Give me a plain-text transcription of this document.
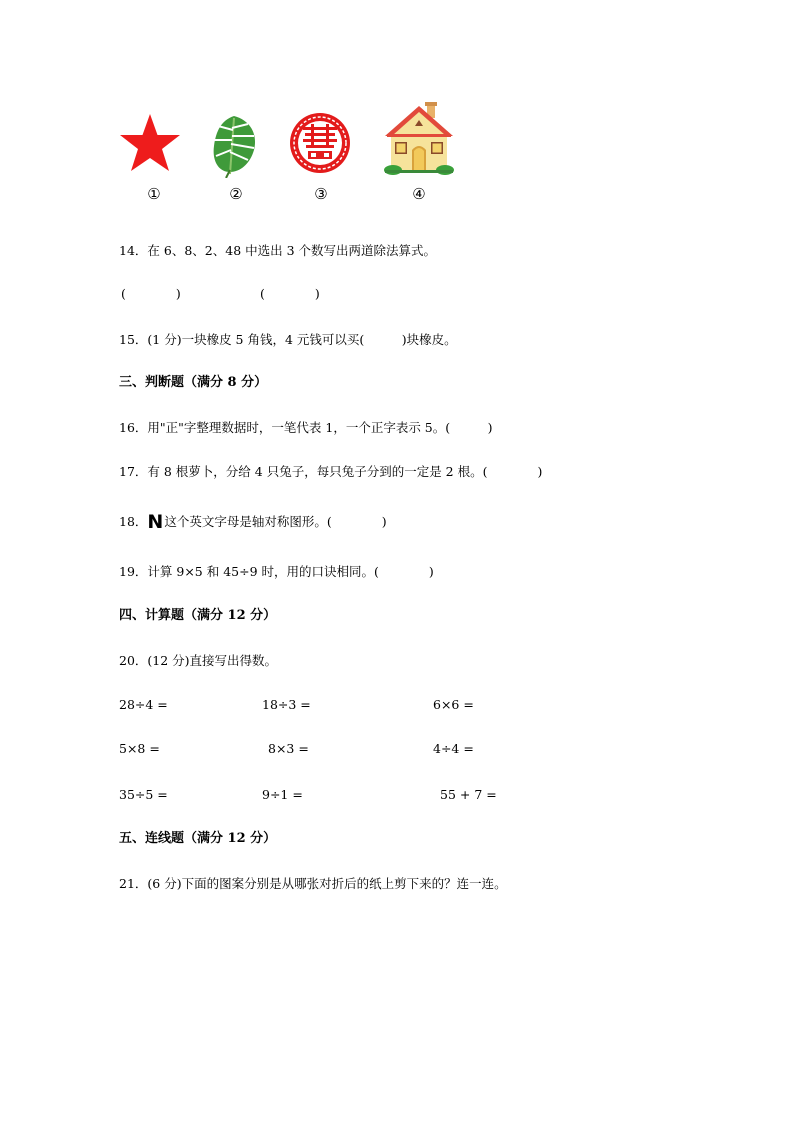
①	②	③	④
14．在 6、8、2、48 中选出 3 个数写出两道除法算式。
(　　　　)	(　　　　)
15．(1 分)一块橡皮 5 角钱，4 元钱可以买(　　　)块橡皮。
三、判断题（满分 8 分）
16．用"正"字整理数据时，一笔代表 1，一个正字表示 5。(　　　)
17．有 8 根萝卜，分给 4 只兔子，每只兔子分到的一定是 2 根。(　　　　)
18．N这个英文字母是轴对称图形。(　　　　)
19．计算 9×5 和 45÷9 时，用的口诀相同。(　　　　)
四、计算题（满分 12 分）
20．(12 分)直接写出得数。
28÷4 =	18÷3 =	6×6 =
5×8 =	8×3 =	4÷4 =
35÷5 =	9÷1 =	55 + 7 =
五、连线题（满分 12 分）
21．(6 分)下面的图案分别是从哪张对折后的纸上剪下来的？连一连。
